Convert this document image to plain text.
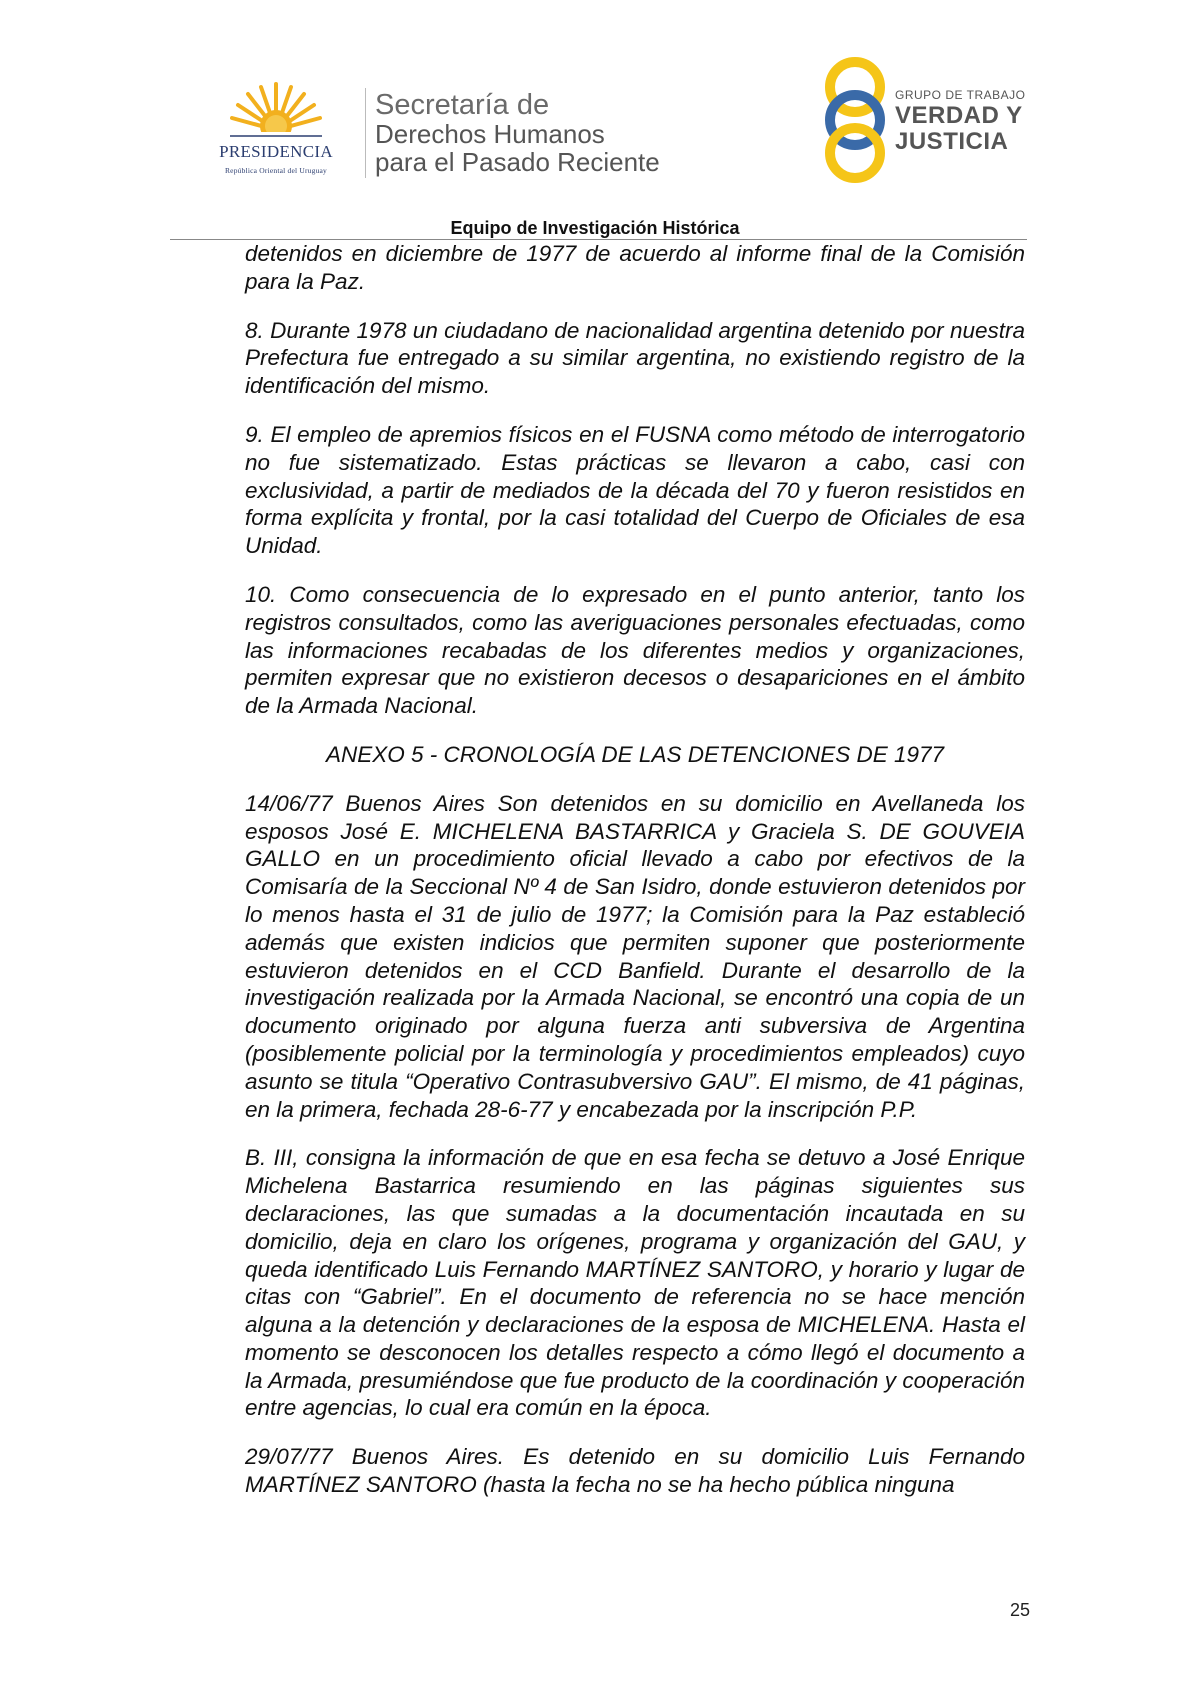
PRESIDENCIA
República Oriental del Uruguay
Secretaría de
Derechos Humanos
para el Pasado Reciente
GRUPO DE TRABAJO
VERDAD Y
JUSTICIA
Equipo de Investigación Histórica

detenidos en diciembre de 1977 de acuerdo al informe final de la Comisión para la Paz.

8. Durante 1978 un ciudadano de nacionalidad argentina detenido por nuestra Prefectura fue entregado a su similar argentina, no existiendo registro de la identificación del mismo.

9. El empleo de apremios físicos en el FUSNA como método de interrogatorio no fue sistematizado. Estas prácticas se llevaron a cabo, casi con exclusividad, a partir de mediados de la década del 70 y fueron resistidos en forma explícita y frontal, por la casi totalidad del Cuerpo de Oficiales de esa Unidad.

10. Como consecuencia de lo expresado en el punto anterior, tanto los registros consultados, como las averiguaciones personales efectuadas, como las informaciones recabadas de los diferentes medios y organizaciones, permiten expresar que no existieron decesos o desapariciones en el ámbito de la Armada Nacional.

ANEXO 5 - CRONOLOGÍA DE LAS DETENCIONES DE 1977

14/06/77 Buenos Aires Son detenidos en su domicilio en Avellaneda los esposos José E. MICHELENA BASTARRICA y Graciela S. DE GOUVEIA GALLO en un procedimiento oficial llevado a cabo por efectivos de la Comisaría de la Seccional Nº 4 de San Isidro, donde estuvieron detenidos por lo menos hasta el 31 de julio de 1977; la Comisión para la Paz estableció además que existen indicios que permiten suponer que posteriormente estuvieron detenidos en el CCD Banfield. Durante el desarrollo de la investigación realizada por la Armada Nacional, se encontró una copia de un documento originado por alguna fuerza anti subversiva de Argentina (posiblemente policial por la terminología y procedimientos empleados) cuyo asunto se titula “Operativo Contrasubversivo GAU”. El mismo, de 41 páginas, en la primera, fechada 28-6-77 y encabezada por la inscripción P.P.

B. III, consigna la información de que en esa fecha se detuvo a José Enrique Michelena Bastarrica resumiendo en las páginas siguientes sus declaraciones, las que sumadas a la documentación incautada en su domicilio, deja en claro los orígenes, programa y organización del GAU, y queda identificado Luis Fernando MARTÍNEZ SANTORO, y horario y lugar de citas con “Gabriel”. En el documento de referencia no se hace mención alguna a la detención y declaraciones de la esposa de MICHELENA. Hasta el momento se desconocen los detalles respecto a cómo llegó el documento a la Armada, presumiéndose que fue producto de la coordinación y cooperación entre agencias, lo cual era común en la época.

29/07/77 Buenos Aires. Es detenido en su domicilio Luis Fernando MARTÍNEZ SANTORO (hasta la fecha no se ha hecho pública ninguna

25
